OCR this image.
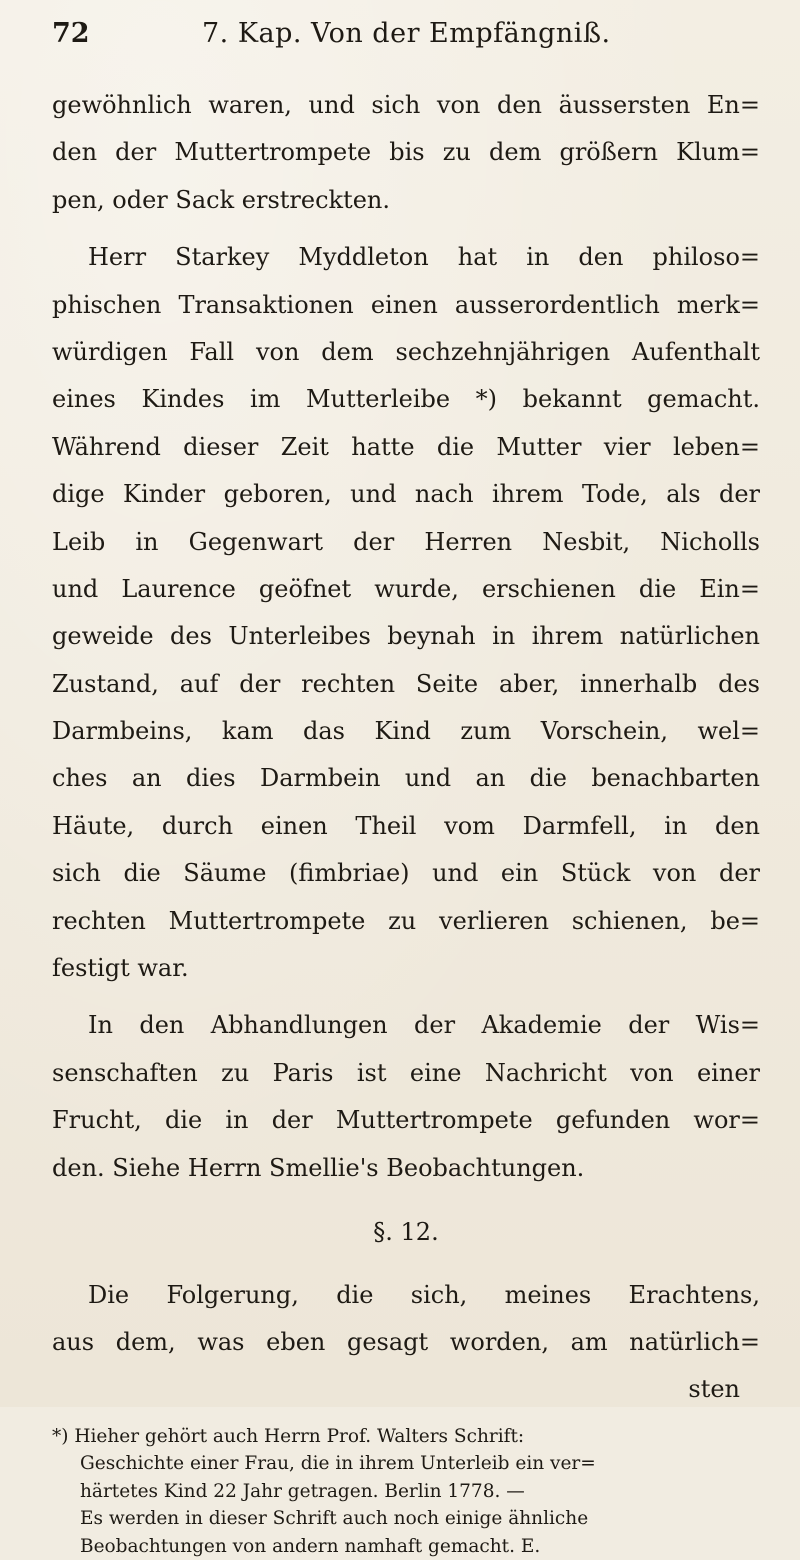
72	7. Kap. Von der Empfängniß.
gewöhnlich waren, und sich von den äussersten En=
den der Muttertrompete bis zu dem größern Klum=
pen, oder Sack erstreckten.
Herr Starkey Myddleton hat in den philoso=
phischen Transaktionen einen ausserordentlich merk=
würdigen Fall von dem sechzehnjährigen Aufenthalt
eines Kindes im Mutterleibe *) bekannt gemacht.
Während dieser Zeit hatte die Mutter vier leben=
dige Kinder geboren, und nach ihrem Tode, als der
Leib in Gegenwart der Herren Nesbit, Nicholls
und Laurence geöfnet wurde, erschienen die Ein=
geweide des Unterleibes beynah in ihrem natürlichen
Zustand, auf der rechten Seite aber, innerhalb des
Darmbeins, kam das Kind zum Vorschein, wel=
ches an dies Darmbein und an die benachbarten
Häute, durch einen Theil vom Darmfell, in den
sich die Säume (fimbriae) und ein Stück von der
rechten Muttertrompete zu verlieren schienen, be=
festigt war.
In den Abhandlungen der Akademie der Wis=
senschaften zu Paris ist eine Nachricht von einer
Frucht, die in der Muttertrompete gefunden wor=
den. Siehe Herrn Smellie's Beobachtungen.
§. 12.
Die Folgerung, die sich, meines Erachtens,
aus dem, was eben gesagt worden, am natürlich=
sten
*) Hieher gehört auch Herrn Prof. Walters Schrift:
Geschichte einer Frau, die in ihrem Unterleib ein ver=
härtetes Kind 22 Jahr getragen. Berlin 1778. —
Es werden in dieser Schrift auch noch einige ähnliche
Beobachtungen von andern namhaft gemacht. E.
